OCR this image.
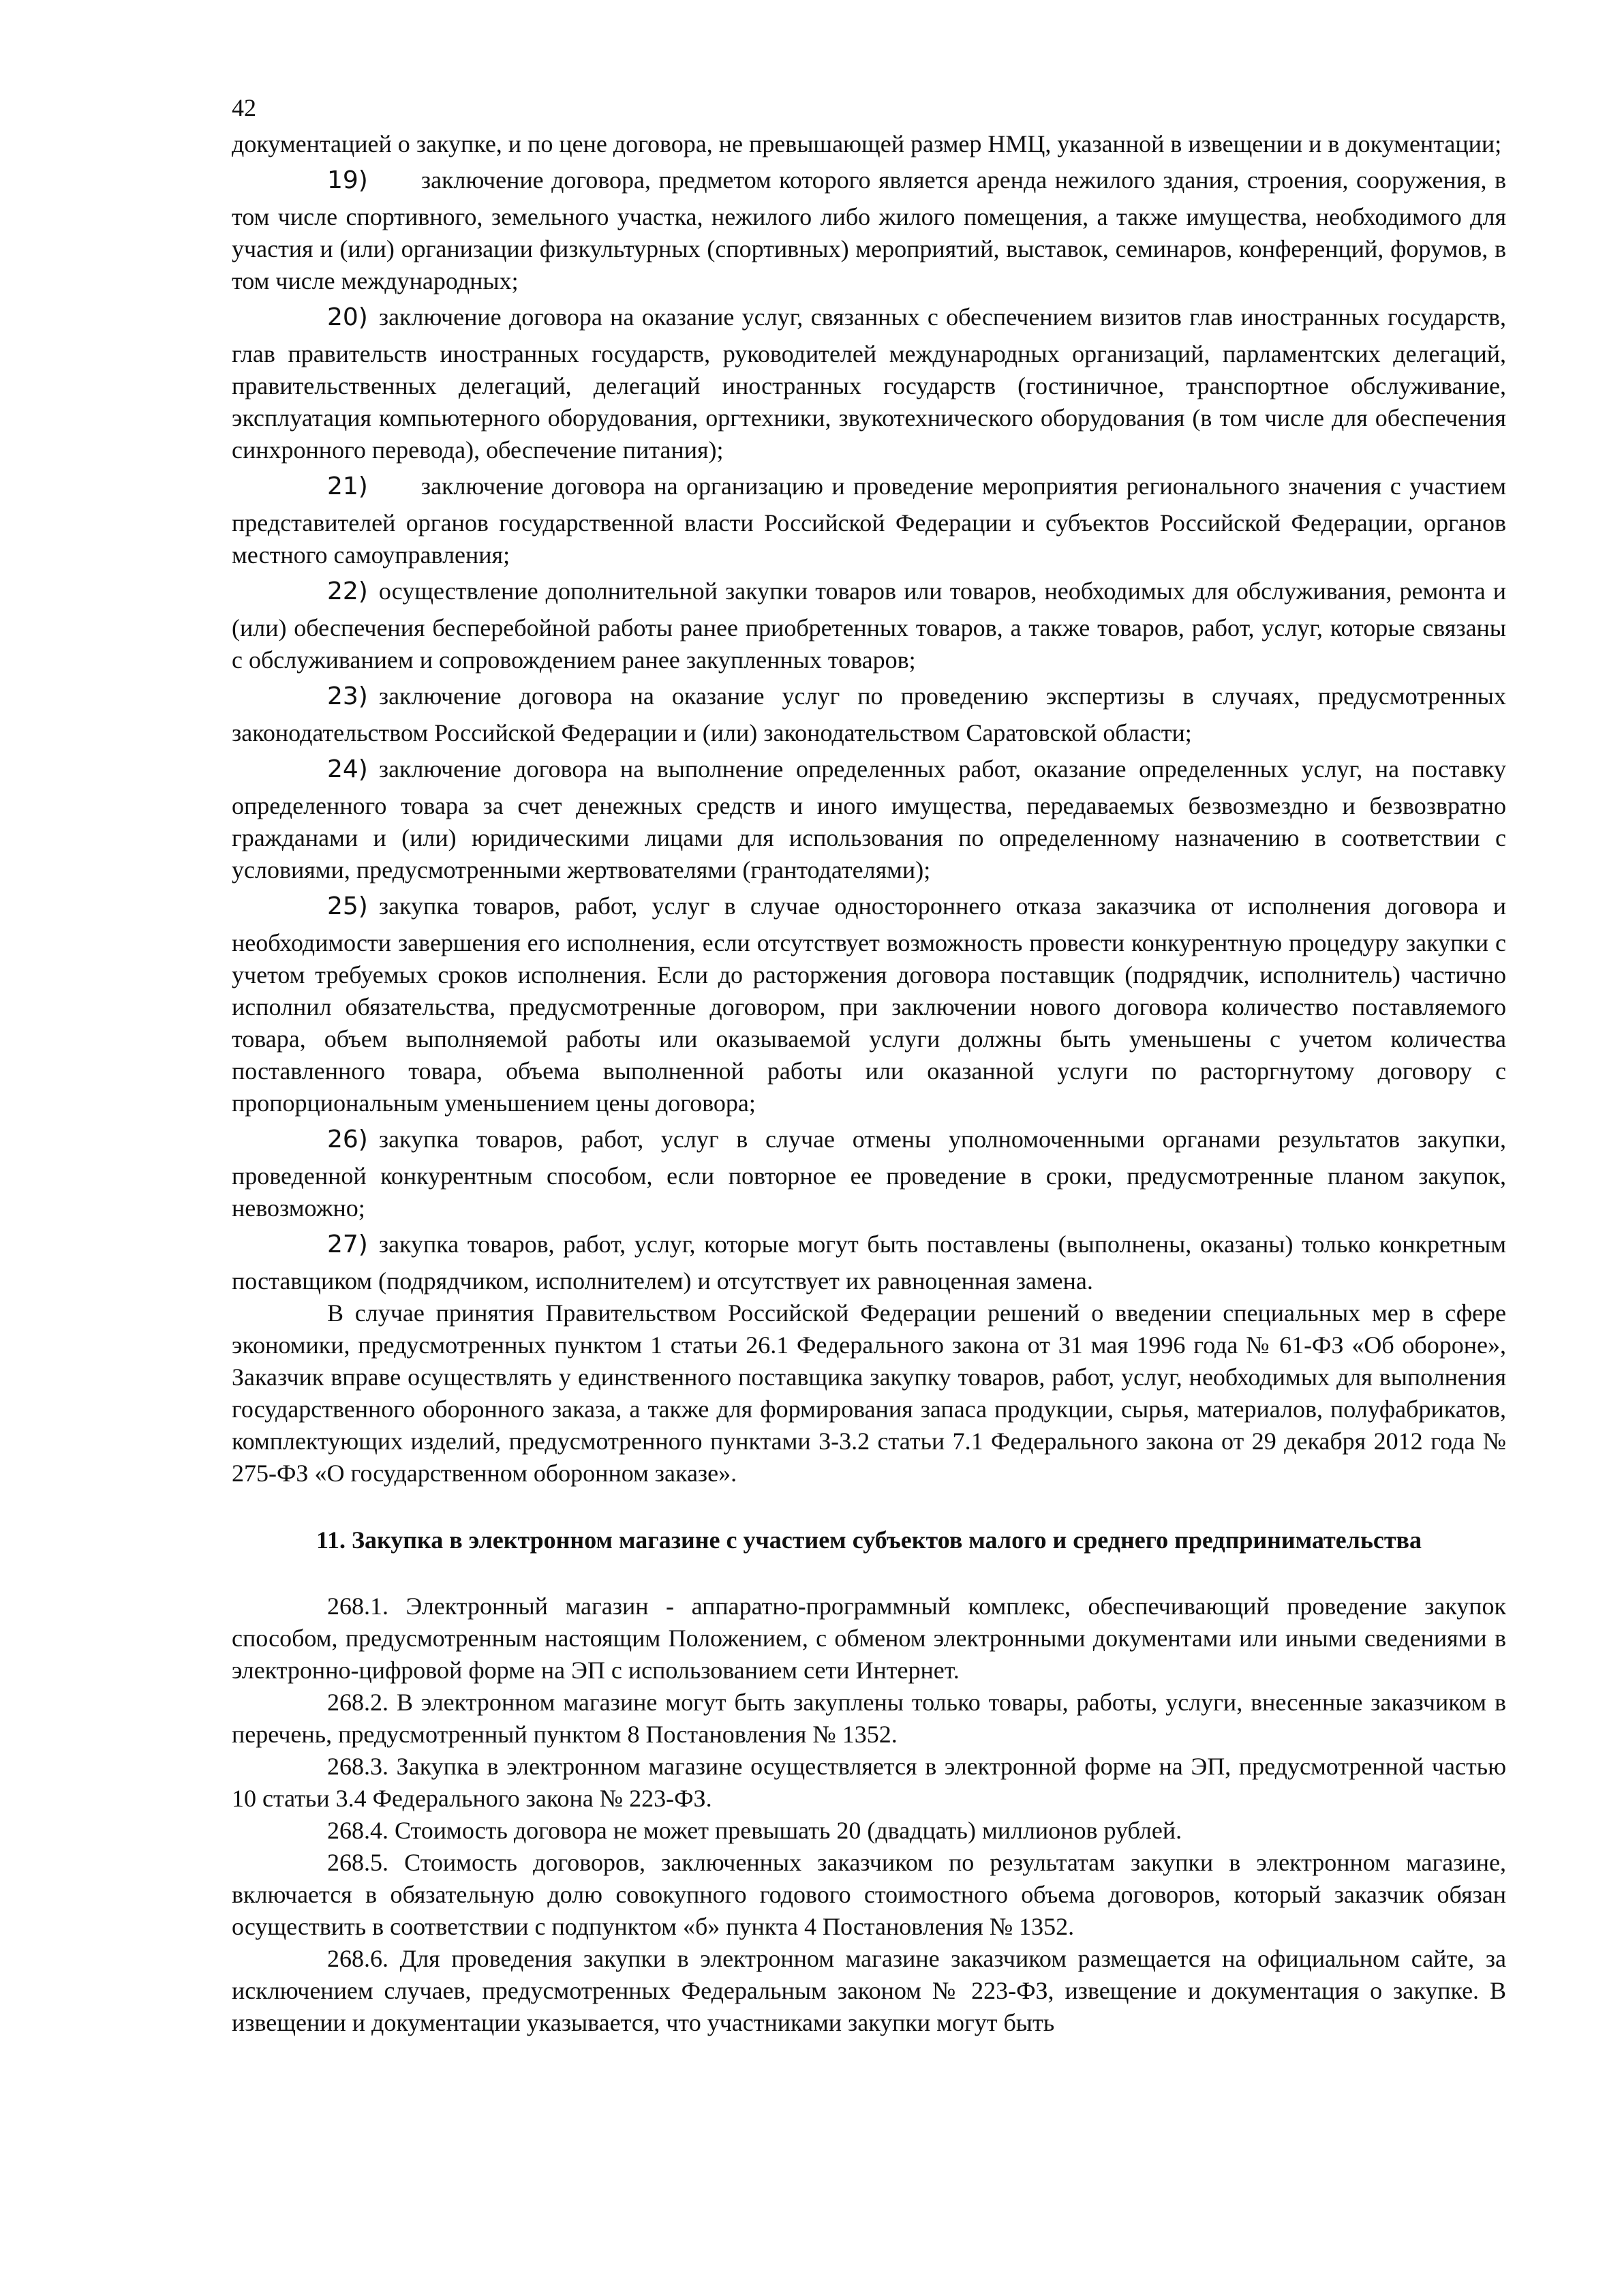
42

документацией о закупке, и по цене договора, не превышающей размер НМЦ, указанной в извещении и в документации;

19) заключение договора, предметом которого является аренда нежилого здания, строения, сооружения, в том числе спортивного, земельного участка, нежилого либо жилого помещения, а также имущества, необходимого для участия и (или) организации физкультурных (спортивных) мероприятий, выставок, семинаров, конференций, форумов, в том числе международных;
20) заключение договора на оказание услуг, связанных с обеспечением визитов глав иностранных государств, глав правительств иностранных государств, руководителей международных организаций, парламентских делегаций, правительственных делегаций, делегаций иностранных государств (гостиничное, транспортное обслуживание, эксплуатация компьютерного оборудования, оргтехники, звукотехнического оборудования (в том числе для обеспечения синхронного перевода), обеспечение питания);
21) заключение договора на организацию и проведение мероприятия регионального значения с участием представителей органов государственной власти Российской Федерации и субъектов Российской Федерации, органов местного самоуправления;
22) осуществление дополнительной закупки товаров или товаров, необходимых для обслуживания, ремонта и (или) обеспечения бесперебойной работы ранее приобретенных товаров, а также товаров, работ, услуг, которые связаны с обслуживанием и сопровождением ранее закупленных товаров;
23) заключение договора на оказание услуг по проведению экспертизы в случаях, предусмотренных законодательством Российской Федерации и (или) законодательством Саратовской области;
24) заключение договора на выполнение определенных работ, оказание определенных услуг, на поставку определенного товара за счет денежных средств и иного имущества, передаваемых безвозмездно и безвозвратно гражданами и (или) юридическими лицами для использования по определенному назначению в соответствии с условиями, предусмотренными жертвователями (грантодателями);
25) закупка товаров, работ, услуг в случае одностороннего отказа заказчика от исполнения договора и необходимости завершения его исполнения, если отсутствует возможность провести конкурентную процедуру закупки с учетом требуемых сроков исполнения. Если до расторжения договора поставщик (подрядчик, исполнитель) частично исполнил обязательства, предусмотренные договором, при заключении нового договора количество поставляемого товара, объем выполняемой работы или оказываемой услуги должны быть уменьшены с учетом количества поставленного товара, объема выполненной работы или оказанной услуги по расторгнутому договору с пропорциональным уменьшением цены договора;
26) закупка товаров, работ, услуг в случае отмены уполномоченными органами результатов закупки, проведенной конкурентным способом, если повторное ее проведение в сроки, предусмотренные планом закупок, невозможно;
27) закупка товаров, работ, услуг, которые могут быть поставлены (выполнены, оказаны) только конкретным поставщиком (подрядчиком, исполнителем) и отсутствует их равноценная замена.

В случае принятия Правительством Российской Федерации решений о введении специальных мер в сфере экономики, предусмотренных пунктом 1 статьи 26.1 Федерального закона от 31 мая 1996 года № 61-ФЗ «Об обороне», Заказчик вправе осуществлять у единственного поставщика закупку товаров, работ, услуг, необходимых для выполнения государственного оборонного заказа, а также для формирования запаса продукции, сырья, материалов, полуфабрикатов, комплектующих изделий, предусмотренного пунктами 3-3.2 статьи 7.1 Федерального закона от 29 декабря 2012 года № 275-ФЗ «О государственном оборонном заказе».

11. Закупка в электронном магазине с участием субъектов малого и среднего предпринимательства

268.1. Электронный магазин - аппаратно-программный комплекс, обеспечивающий проведение закупок способом, предусмотренным настоящим Положением, с обменом электронными документами или иными сведениями в электронно-цифровой форме на ЭП с использованием сети Интернет.

268.2. В электронном магазине могут быть закуплены только товары, работы, услуги, внесенные заказчиком в перечень, предусмотренный пунктом 8 Постановления № 1352.

268.3. Закупка в электронном магазине осуществляется в электронной форме на ЭП, предусмотренной частью 10 статьи 3.4 Федерального закона № 223-ФЗ.

268.4. Стоимость договора не может превышать 20 (двадцать) миллионов рублей.

268.5. Стоимость договоров, заключенных заказчиком по результатам закупки в электронном магазине, включается в обязательную долю совокупного годового стоимостного объема договоров, который заказчик обязан осуществить в соответствии с подпунктом «б» пункта 4 Постановления № 1352.

268.6. Для проведения закупки в электронном магазине заказчиком размещается на официальном сайте, за исключением случаев, предусмотренных Федеральным законом № 223-ФЗ, извещение и документация о закупке. В извещении и документации указывается, что участниками закупки могут быть
